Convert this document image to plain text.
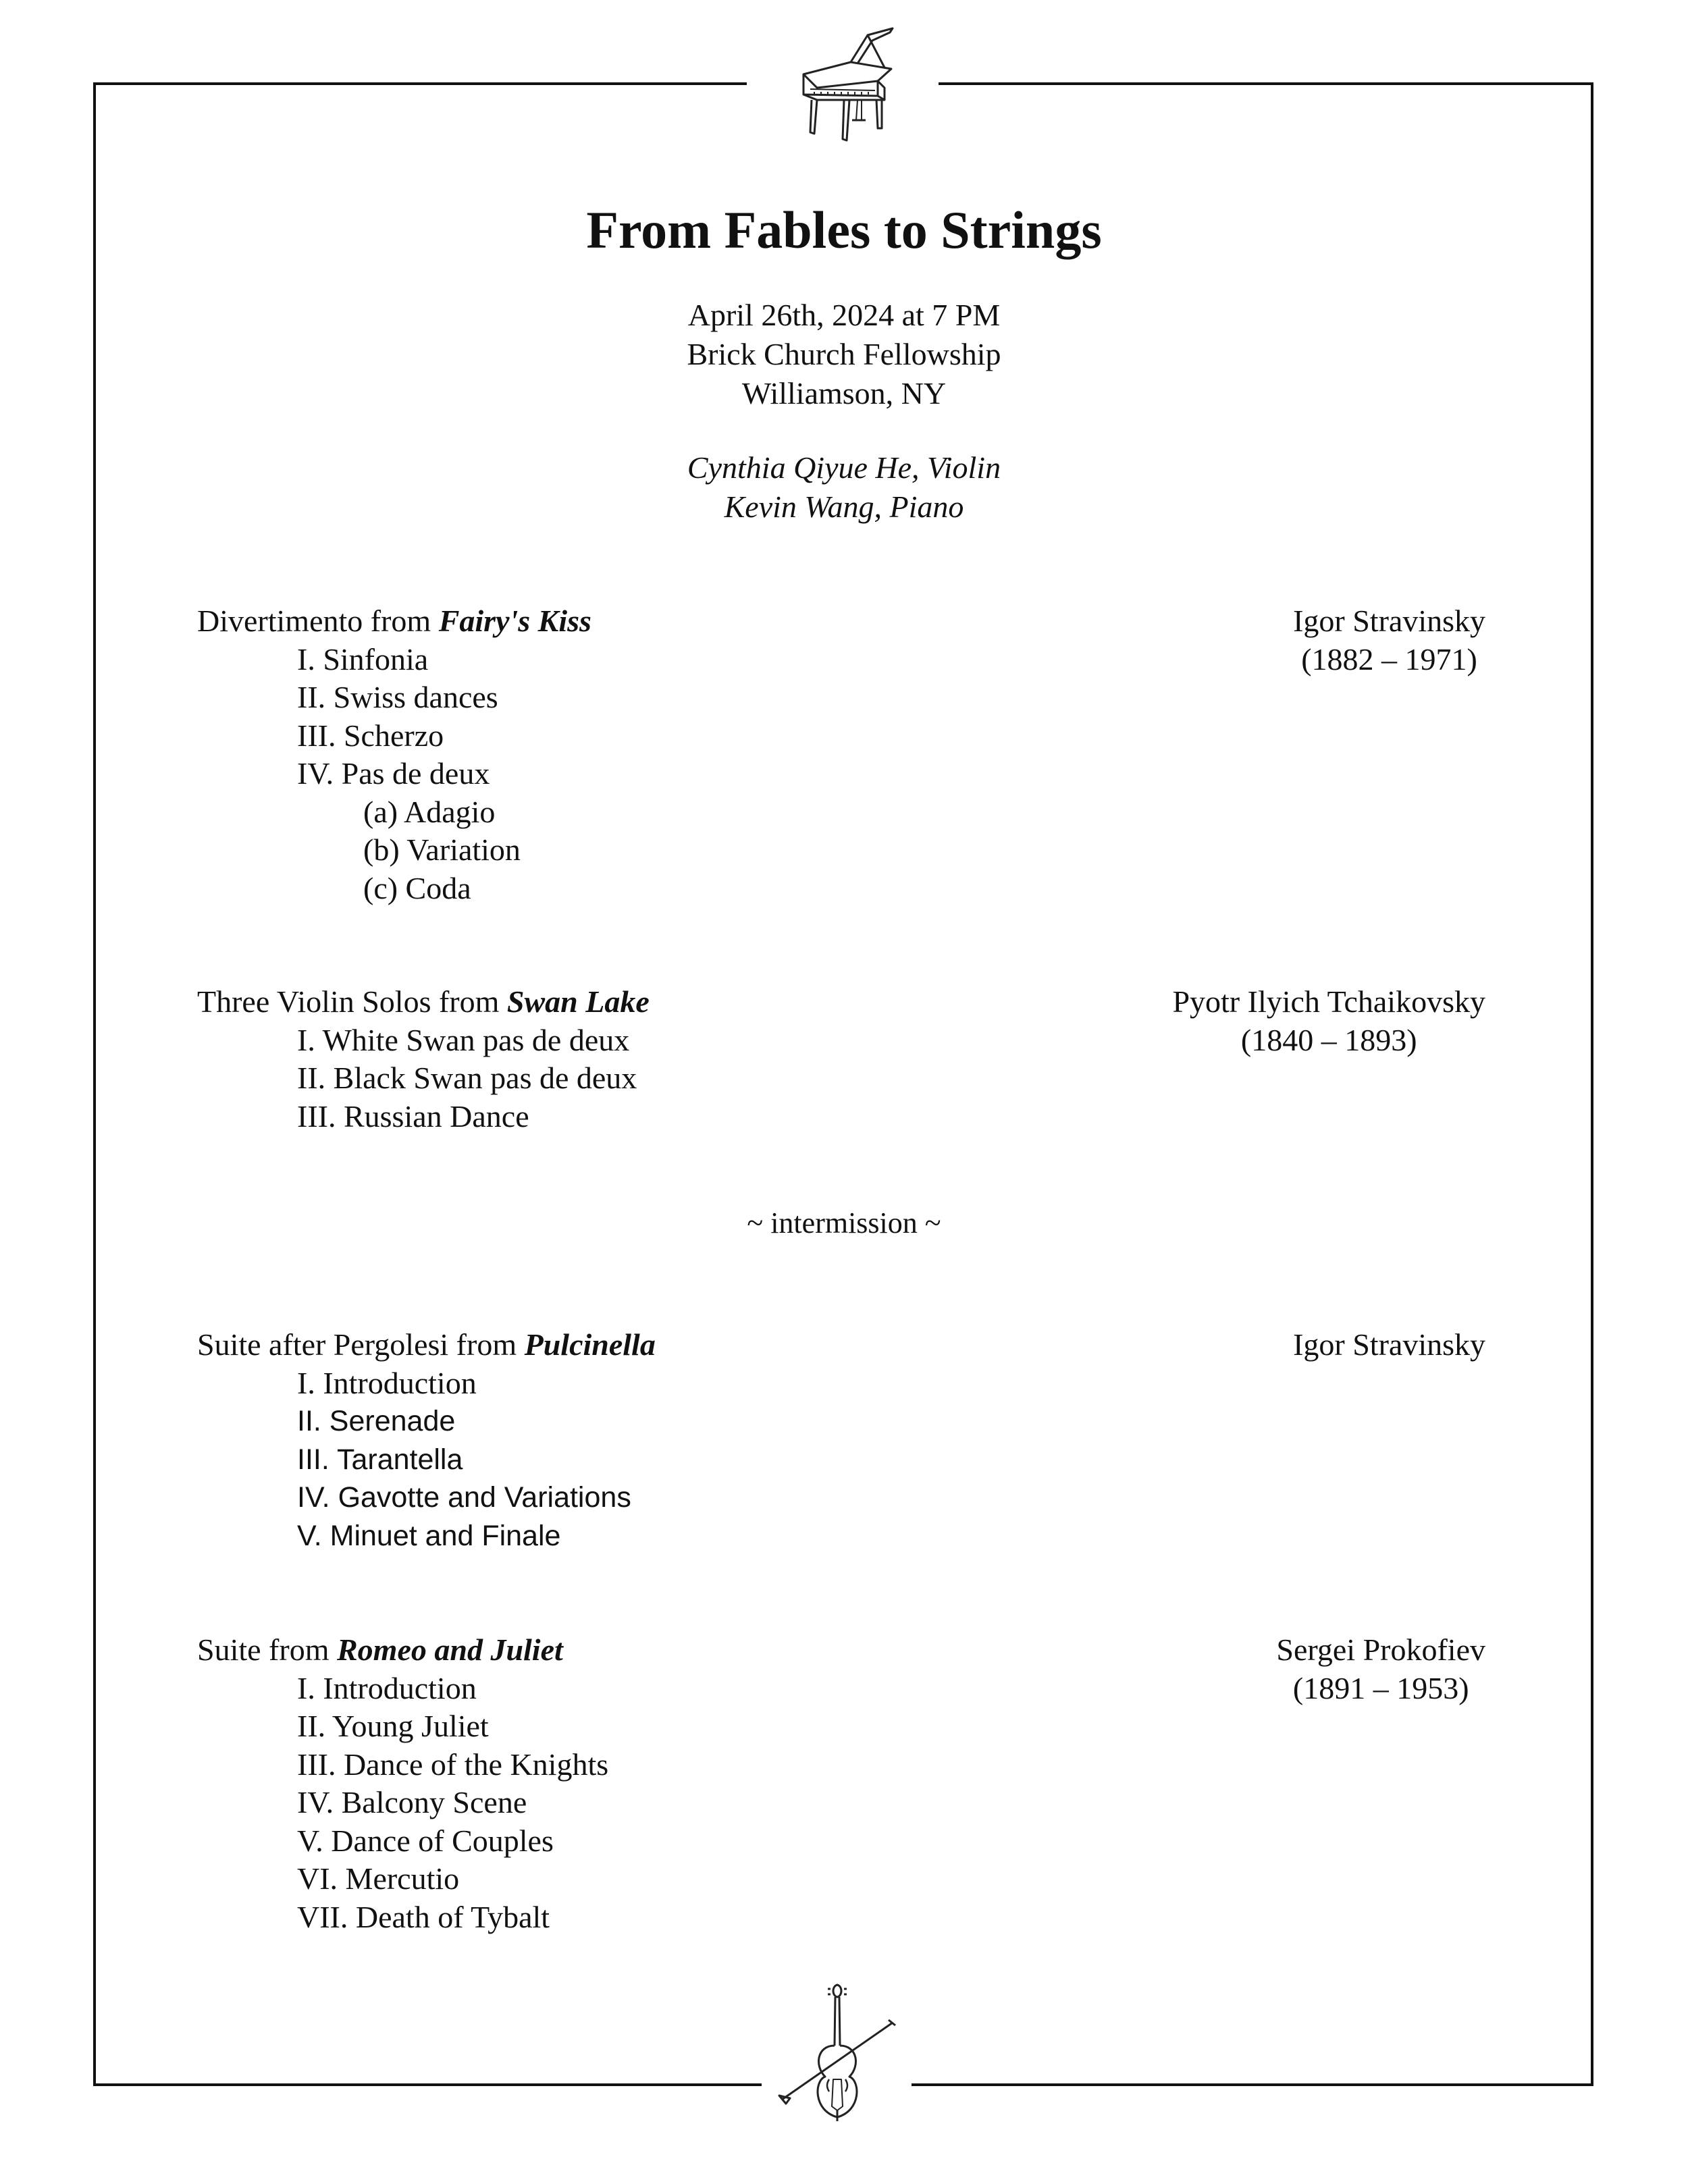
From Fables to Strings
April 26th, 2024 at 7 PM
Brick Church Fellowship
Williamson, NY
Cynthia Qiyue He, Violin
Kevin Wang, Piano
Divertimento from Fairy's Kiss	Igor Stravinsky
(1882 – 1971)
I. Sinfonia
II. Swiss dances
III. Scherzo
IV. Pas de deux
(a) Adagio
(b) Variation
(c) Coda
Three Violin Solos from Swan Lake	Pyotr Ilyich Tchaikovsky
(1840 – 1893)
I. White Swan pas de deux
II. Black Swan pas de deux
III. Russian Dance
~ intermission ~
Suite after Pergolesi from Pulcinella	Igor Stravinsky
I. Introduction
II. Serenade
III. Tarantella
IV. Gavotte and Variations
V. Minuet and Finale
Suite from Romeo and Juliet	Sergei Prokofiev
(1891 – 1953)
I. Introduction
II. Young Juliet
III. Dance of the Knights
IV. Balcony Scene
V. Dance of Couples
VI. Mercutio
VII. Death of Tybalt
